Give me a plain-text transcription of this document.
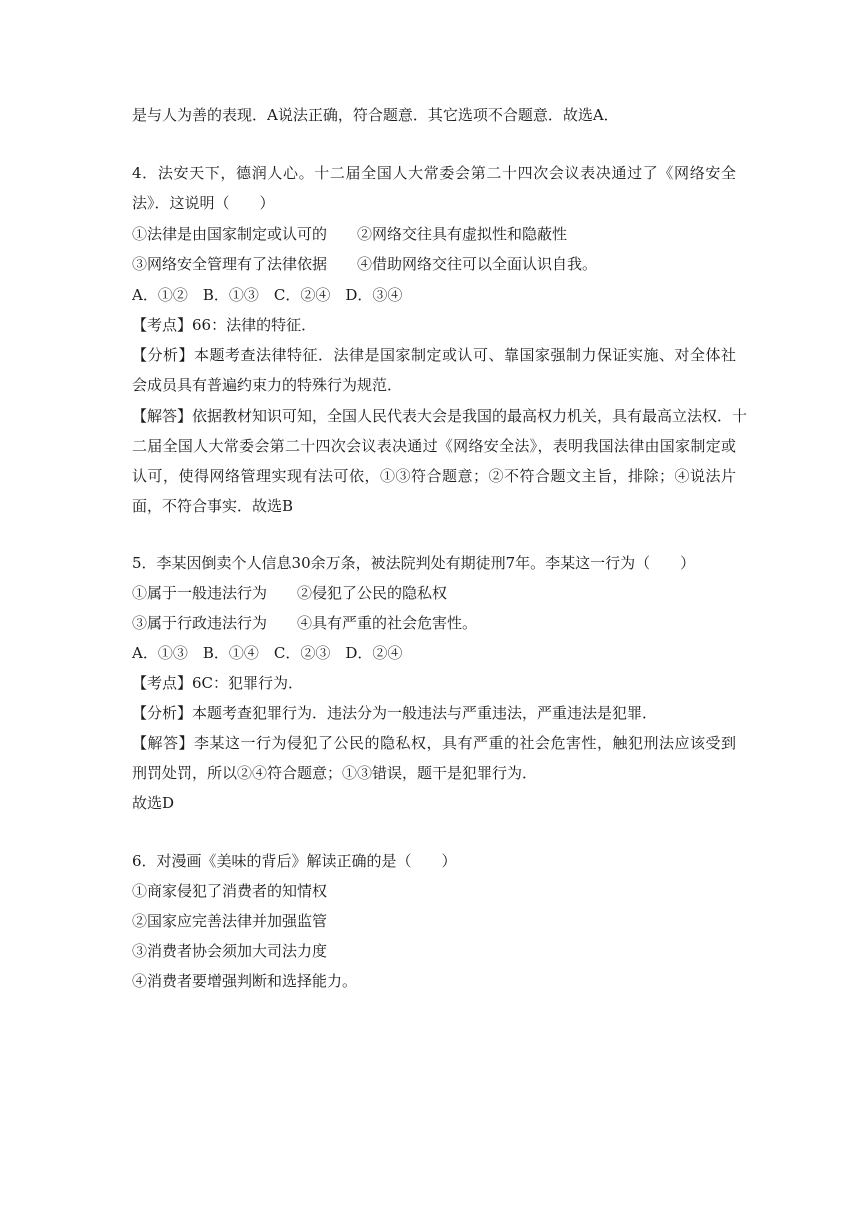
是与人为善的表现．A说法正确，符合题意．其它选项不合题意．故选A．
4．法安天下，德润人心。十二届全国人大常委会第二十四次会议表决通过了《网络安全
法》．这说明（　　）
①法律是由国家制定或认可的　　②网络交往具有虚拟性和隐蔽性
③网络安全管理有了法律依据　　④借助网络交往可以全面认识自我。
A．①②　B．①③　C．②④　D．③④
【考点】66：法律的特征．
【分析】本题考查法律特征．法律是国家制定或认可、靠国家强制力保证实施、对全体社
会成员具有普遍约束力的特殊行为规范．
【解答】依据教材知识可知，全国人民代表大会是我国的最高权力机关，具有最高立法权．十
二届全国人大常委会第二十四次会议表决通过《网络安全法》，表明我国法律由国家制定或
认可，使得网络管理实现有法可依，①③符合题意；②不符合题文主旨，排除；④说法片
面，不符合事实．故选B
5．李某因倒卖个人信息30余万条，被法院判处有期徒刑7年。李某这一行为（　　）
①属于一般违法行为　　②侵犯了公民的隐私权
③属于行政违法行为　　④具有严重的社会危害性。
A．①③　B．①④　C．②③　D．②④
【考点】6C：犯罪行为．
【分析】本题考查犯罪行为．违法分为一般违法与严重违法，严重违法是犯罪．
【解答】李某这一行为侵犯了公民的隐私权，具有严重的社会危害性，触犯刑法应该受到
刑罚处罚，所以②④符合题意；①③错误，题干是犯罪行为．
故选D
6．对漫画《美味的背后》解读正确的是（　　）
①商家侵犯了消费者的知情权
②国家应完善法律并加强监管
③消费者协会须加大司法力度
④消费者要增强判断和选择能力。
